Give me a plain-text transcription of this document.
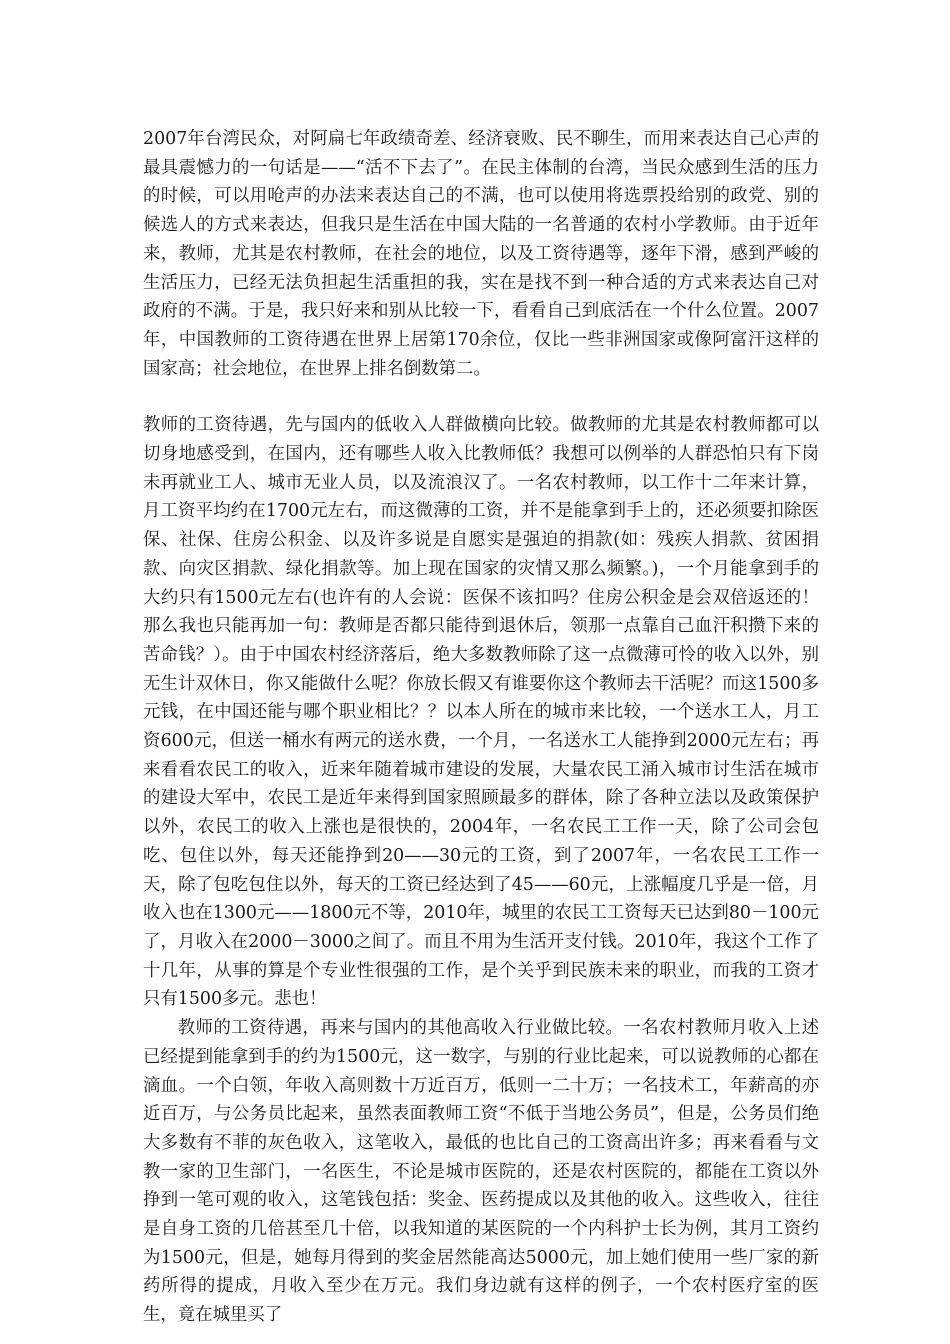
2007年台湾民众，对阿扁七年政绩奇差、经济衰败、民不聊生，而用来表达自己心声的最具震憾力的一句话是——“活不下去了”。在民主体制的台湾，当民众感到生活的压力的时候，可以用呛声的办法来表达自己的不满，也可以使用将选票投给别的政党、别的候选人的方式来表达，但我只是生活在中国大陆的一名普通的农村小学教师。由于近年来，教师，尤其是农村教师，在社会的地位，以及工资待遇等，逐年下滑，感到严峻的生活压力，已经无法负担起生活重担的我，实在是找不到一种合适的方式来表达自己对政府的不满。于是，我只好来和别从比较一下，看看自己到底活在一个什么位置。2007年，中国教师的工资待遇在世界上居第170余位，仅比一些非洲国家或像阿富汗这样的国家高；社会地位，在世界上排名倒数第二。

教师的工资待遇，先与国内的低收入人群做横向比较。做教师的尤其是农村教师都可以切身地感受到，在国内，还有哪些人收入比教师低？我想可以例举的人群恐怕只有下岗未再就业工人、城市无业人员，以及流浪汉了。一名农村教师，以工作十二年来计算，月工资平均约在1700元左右，而这微薄的工资，并不是能拿到手上的，还必须要扣除医保、社保、住房公积金、以及许多说是自愿实是强迫的捐款(如：残疾人捐款、贫困捐款、向灾区捐款、绿化捐款等。加上现在国家的灾情又那么频繁。)，一个月能拿到手的大约只有1500元左右(也许有的人会说：医保不该扣吗？住房公积金是会双倍返还的！那么我也只能再加一句：教师是否都只能待到退休后，领那一点靠自己血汗积攒下来的苦命钱？）。由于中国农村经济落后，绝大多数教师除了这一点微薄可怜的收入以外，别无生计双休日，你又能做什么呢？你放长假又有谁要你这个教师去干活呢？而这1500多元钱，在中国还能与哪个职业相比？？以本人所在的城市来比较，一个送水工人，月工资600元，但送一桶水有两元的送水费，一个月，一名送水工人能挣到2000元左右；再来看看农民工的收入，近来年随着城市建设的发展，大量农民工涌入城市讨生活在城市的建设大军中，农民工是近年来得到国家照顾最多的群体，除了各种立法以及政策保护以外，农民工的收入上涨也是很快的，2004年，一名农民工工作一天，除了公司会包吃、包住以外，每天还能挣到20——30元的工资，到了2007年，一名农民工工作一天，除了包吃包住以外，每天的工资已经达到了45——60元，上涨幅度几乎是一倍，月收入也在1300元——1800元不等，2010年，城里的农民工工资每天已达到80－100元了，月收入在2000－3000之间了。而且不用为生活开支付钱。2010年，我这个工作了十几年，从事的算是个专业性很强的工作，是个关乎到民族未来的职业，而我的工资才只有1500多元。悲也！

教师的工资待遇，再来与国内的其他高收入行业做比较。一名农村教师月收入上述已经提到能拿到手的约为1500元，这一数字，与别的行业比起来，可以说教师的心都在滴血。一个白领，年收入高则数十万近百万，低则一二十万；一名技术工，年薪高的亦近百万，与公务员比起来，虽然表面教师工资“不低于当地公务员”，但是，公务员们绝大多数有不菲的灰色收入，这笔收入，最低的也比自己的工资高出许多；再来看看与文教一家的卫生部门，一名医生，不论是城市医院的，还是农村医院的，都能在工资以外挣到一笔可观的收入，这笔钱包括：奖金、医药提成以及其他的收入。这些收入，往往是自身工资的几倍甚至几十倍，以我知道的某医院的一个内科护士长为例，其月工资约为1500元，但是，她每月得到的奖金居然能高达5000元，加上她们使用一些厂家的新药所得的提成，月收入至少在万元。我们身边就有这样的例子，一个农村医疗室的医生，竟在城里买了
